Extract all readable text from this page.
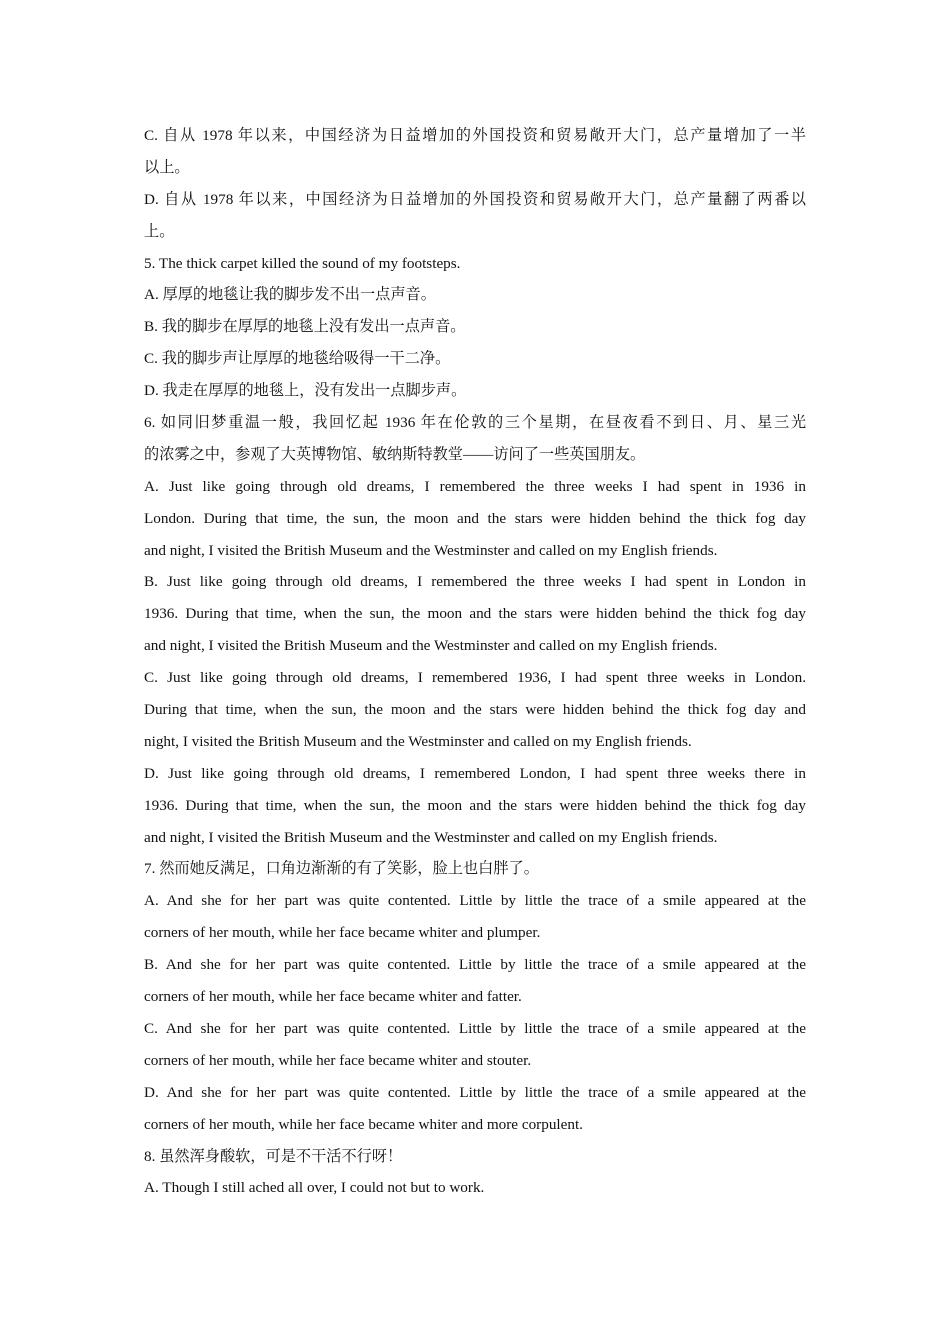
C. 自从 1978 年以来，中国经济为日益增加的外国投资和贸易敞开大门，总产量增加了一半
以上。
D. 自从 1978 年以来，中国经济为日益增加的外国投资和贸易敞开大门，总产量翻了两番以
上。
5. The thick carpet killed the sound of my footsteps.
A. 厚厚的地毯让我的脚步发不出一点声音。
B. 我的脚步在厚厚的地毯上没有发出一点声音。
C. 我的脚步声让厚厚的地毯给吸得一干二净。
D. 我走在厚厚的地毯上，没有发出一点脚步声。
6. 如同旧梦重温一般，我回忆起 1936 年在伦敦的三个星期，在昼夜看不到日、月、星三光
的浓雾之中，参观了大英博物馆、敏纳斯特教堂——访问了一些英国朋友。
A. Just like going through old dreams, I remembered the three weeks I had spent in 1936 in
London. During that time, the sun, the moon and the stars were hidden behind the thick fog day
and night, I visited the British Museum and the Westminster and called on my English friends.
B. Just like going through old dreams, I remembered the three weeks I had spent in London in
1936. During that time, when the sun, the moon and the stars were hidden behind the thick fog day
and night, I visited the British Museum and the Westminster and called on my English friends.
C. Just like going through old dreams, I remembered 1936, I had spent three weeks in London.
During that time, when the sun, the moon and the stars were hidden behind the thick fog day and
night, I visited the British Museum and the Westminster and called on my English friends.
D. Just like going through old dreams, I remembered London, I had spent three weeks there in
1936. During that time, when the sun, the moon and the stars were hidden behind the thick fog day
and night, I visited the British Museum and the Westminster and called on my English friends.
7. 然而她反满足，口角边渐渐的有了笑影，脸上也白胖了。
A. And she for her part was quite contented. Little by little the trace of a smile appeared at the
corners of her mouth, while her face became whiter and plumper.
B. And she for her part was quite contented. Little by little the trace of a smile appeared at the
corners of her mouth, while her face became whiter and fatter.
C. And she for her part was quite contented. Little by little the trace of a smile appeared at the
corners of her mouth, while her face became whiter and stouter.
D. And she for her part was quite contented. Little by little the trace of a smile appeared at the
corners of her mouth, while her face became whiter and more corpulent.
8. 虽然浑身酸软，可是不干活不行呀！
A. Though I still ached all over, I could not but to work.
